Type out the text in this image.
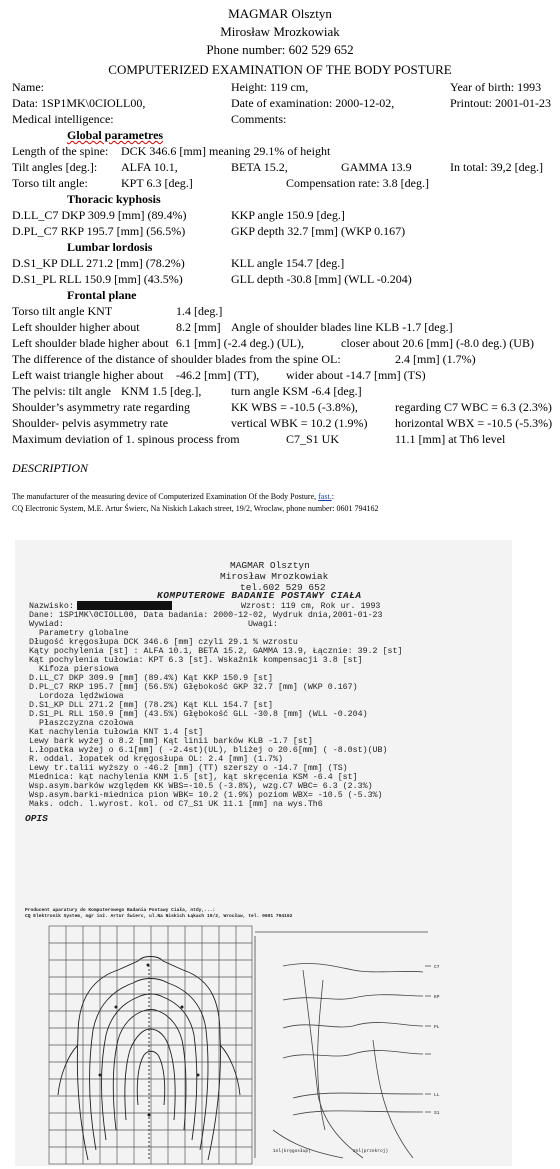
MAGMAR Olsztyn
Mirosław Mrozkowiak
Phone number: 602 529 652
COMPUTERIZED EXAMINATION OF THE BODY POSTURE
Name:	Height: 119 cm,	Year of birth: 1993
Data: 1SP1MK\0CIOLL00,	Date of examination: 2000-12-02,	Printout: 2001-01-23
Medical intelligence:	Comments:
Global parametres
Length of the spine: DCK 346.6 [mm] meaning 29.1% of height
Tilt angles [deg.]: ALFA 10.1,	BETA 15.2,	GAMMA 13.9	In total: 39,2 [deg.]
Torso tilt angle:	KPT 6.3 [deg.]	Compensation rate: 3.8 [deg.]
Thoracic kyphosis
D.LL_C7 DKP 309.9 [mm] (89.4%)	KKP angle 150.9 [deg.]
D.PL_C7 RKP 195.7 [mm] (56.5%)	GKP depth 32.7 [mm] (WKP 0.167)
Lumbar lordosis
D.S1_KP DLL 271.2 [mm] (78.2%)	KLL angle 154.7 [deg.]
D.S1_PL RLL 150.9 [mm] (43.5%)	GLL depth -30.8 [mm] (WLL -0.204)
Frontal plane
Torso tilt angle KNT	1.4 [deg.]
Left shoulder higher about	8.2 [mm] Angle of shoulder blades line KLB -1.7 [deg.]
Left shoulder blade higher about 6.1 [mm] (-2.4 deg.) (UL),	closer about 20.6 [mm] (-8.0 deg.) (UB)
The difference of the distance of shoulder blades from the spine OL:	2.4 [mm] (1.7%)
Left waist triangle higher about -46.2 [mm] (TT), wider about -14.7 [mm] (TS)
The pelvis: tilt angle KNM 1.5 [deg.], turn angle KSM -6.4 [deg.]
Shoulder’s asymmetry rate regarding	KK WBS = -10.5 (-3.8%),	regarding C7 WBC = 6.3 (2.3%)
Shoulder- pelvis asymmetry rate	vertical WBK = 10.2 (1.9%) horizontal WBX = -10.5 (-5.3%)
Maximum deviation of 1. spinous process from	C7_S1 UK	11.1 [mm] at Th6 level
DESCRIPTION
The manufacturer of the measuring device of Computerized Examination Of the Body Posture, fast.:
CQ Electronic System, M.E. Artur Świerc, Na Niskich Lakach street, 19/2, Wroclaw, phone number: 0601 794162
MAGMAR Olsztyn
Mirosław Mrozkowiak
tel.602 529 652
KOMPUTEROWE BADANIE POSTAWY CIAŁA
Nazwisko:	Wzrost: 119 cm, Rok ur. 1993
Dane: 1SP1MK\0CIOLL00, Data badania: 2000-12-02, Wydruk dnia,2001-01-23
Wywiad:	Uwagi:
Parametry globalne
Długość kręgosłupa DCK 346.6 [mm] czyli 29.1 % wzrostu
Kąty pochylenia [st] : ALFA 10.1, BETA 15.2, GAMMA 13.9, Łącznie: 39.2 [st]
Kąt pochylenia tułowia: KPT 6.3 [st]. Wskaźnik kompensacji 3.8 [st]
Kifoza piersiowa
D.LL_C7 DKP 309.9 [mm] (89.4%) Kąt KKP 150.9 [st]
D.PL_C7 RKP 195.7 [mm] (56.5%) Głębokość GKP 32.7 [mm] (WKP 0.167)
Lordoza lędźwiowa
D.S1_KP DLL 271.2 [mm] (78.2%) Kąt KLL 154.7 [st]
D.S1_PL RLL 150.9 [mm] (43.5%) Głębokość GLL -30.8 [mm] (WLL -0.204)
Płaszczyzna czołowa
Kat nachylenia tułowia KNT 1.4 [st]
Lewy bark wyżej o 8.2 [mm] Kąt linii barków KLB -1.7 [st]
L.łopatka wyżej o 6.1[mm] ( -2.4st)(UL), bliżej o 20.6[mm] ( -8.0st)(UB)
R. oddal. łopatek od kręgosłupa OL: 2.4 [mm] (1.7%)
Lewy tr.talii wyższy o -46.2 [mm] (TT) szerszy o -14.7 [mm] (TS)
Miednica: kąt nachylenia KNM 1.5 [st], kąt skręcenia KSM -6.4 [st]
Wsp.asym.barków względem KK WBS=-10.5 (-3.8%), wzg.C7 WBC= 6.3 (2.3%)
Wsp.asym.barki-miednica pion WBK= 10.2 (1.9%) poziom WBX= -10.5 (-5.3%)
Maks. odch. l.wyrost. kol. od C7_S1 UK 11.1 [mm] na wys.Th6
OPIS
Producent aparatury do Komputerowego Badania Postawy Ciała, ntdy,...:
CQ Elektronik System, mgr inż. Artur Świerc, ul.Na Niskich Łąkach 19/2, Wrocław, tel. 0601 794162
C7
KP
PL
LL
S1
1nl(kręgosłup)	2nl(przekroj)
